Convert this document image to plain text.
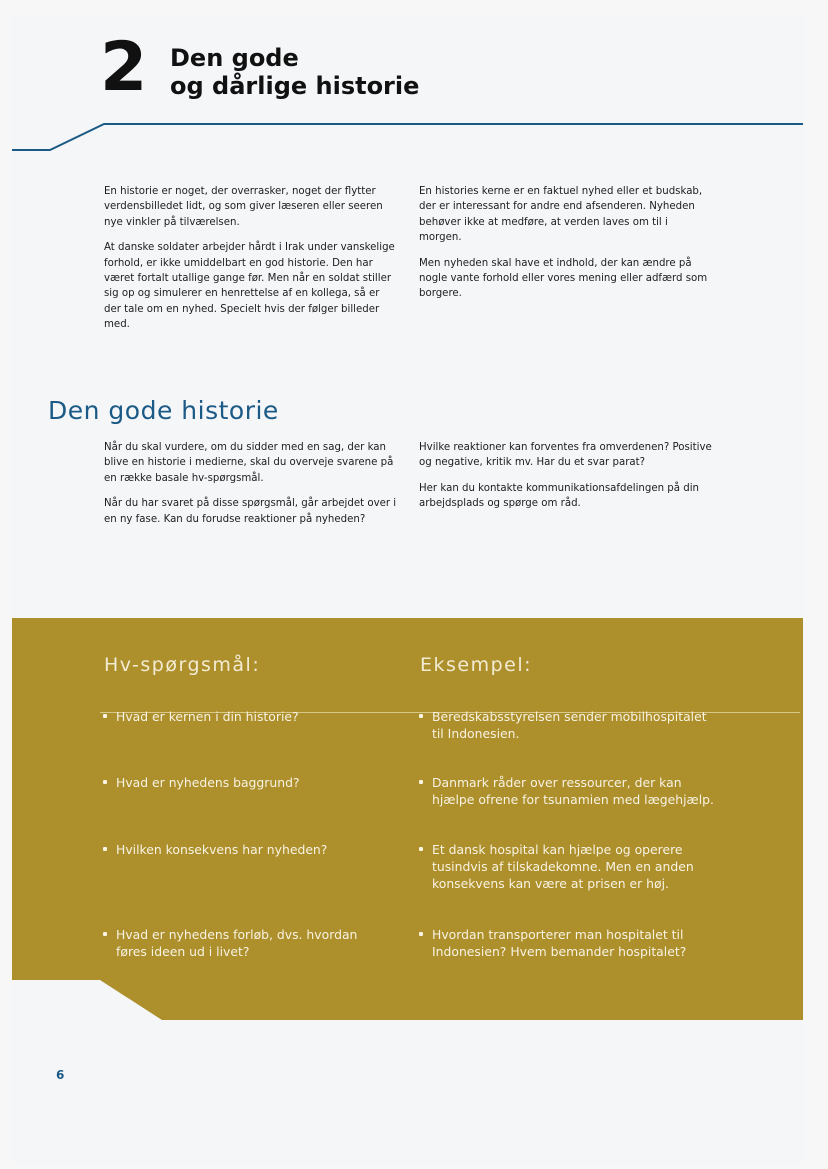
2 Den gode
og dårlige historie

En historie er noget, der overrasker, noget der flytter verdensbilledet lidt, og som giver læseren eller seeren nye vinkler på tilværelsen.

At danske soldater arbejder hårdt i Irak under vanskelige forhold, er ikke umiddelbart en god historie. Den har været fortalt utallige gange før. Men når en soldat stiller sig op og simulerer en henrettelse af en kollega, så er der tale om en nyhed. Specielt hvis der følger billeder med.

En histories kerne er en faktuel nyhed eller et budskab, der er interessant for andre end afsenderen. Nyheden behøver ikke at medføre, at verden laves om til i morgen.

Men nyheden skal have et indhold, der kan ændre på nogle vante forhold eller vores mening eller adfærd som borgere.

Den gode historie

Når du skal vurdere, om du sidder med en sag, der kan blive en historie i medierne, skal du overveje svarene på en række basale hv-spørgsmål.

Når du har svaret på disse spørgsmål, går arbejdet over i en ny fase. Kan du forudse reaktioner på nyheden?

Hvilke reaktioner kan forventes fra omverdenen? Positive og negative, kritik mv. Har du et svar parat?

Her kan du kontakte kommunikationsafdelingen på din arbejdsplads og spørge om råd.

Hv-spørgsmål:	Eksempel:
Hvad er kernen i din historie?
Hvad er nyhedens baggrund?
Hvilken konsekvens har nyheden?
Hvad er nyhedens forløb, dvs. hvordan føres ideen ud i livet?
Beredskabsstyrelsen sender mobilhospitalet til Indonesien.
Danmark råder over ressourcer, der kan hjælpe ofrene for tsunamien med lægehjælp.
Et dansk hospital kan hjælpe og operere tusindvis af tilskadekomne. Men en anden konsekvens kan være at prisen er høj.
Hvordan transporterer man hospitalet til Indonesien? Hvem bemander hospitalet?
6
